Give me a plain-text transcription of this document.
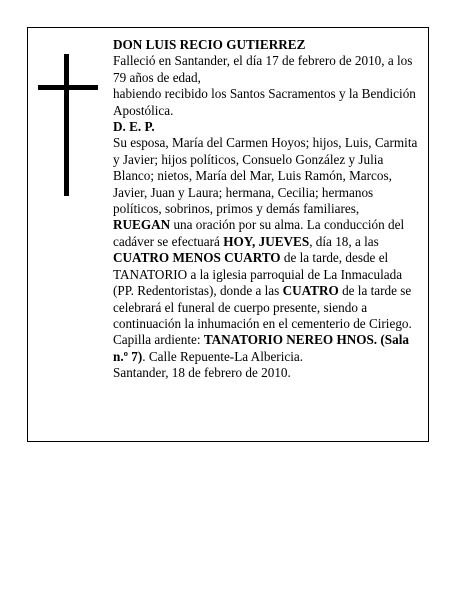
DON LUIS RECIO GUTIERREZ

Falleció en Santander, el día 17 de febrero de 2010, a los 79 años de edad,

habiendo recibido los Santos Sacramentos y la Bendición Apostólica.

D. E. P.

Su esposa, María del Carmen Hoyos; hijos, Luis, Carmita y Javier; hijos políticos, Consuelo González y Julia Blanco; nietos, María del Mar, Luis Ramón, Marcos, Javier, Juan y Laura; hermana, Cecilia; hermanos políticos, sobrinos, primos y demás familiares,

RUEGAN una oración por su alma. La conducción del cadáver se efectuará HOY, JUEVES, día 18, a las CUATRO MENOS CUARTO de la tarde, desde el TANATORIO a la iglesia parroquial de La Inmaculada (PP. Redentoristas), donde a las CUATRO de la tarde se celebrará el funeral de cuerpo presente, siendo a continuación la inhumación en el cementerio de Ciriego.

Capilla ardiente: TANATORIO NEREO HNOS. (Sala n.º 7). Calle Repuente-La Albericia.

Santander, 18 de febrero de 2010.
